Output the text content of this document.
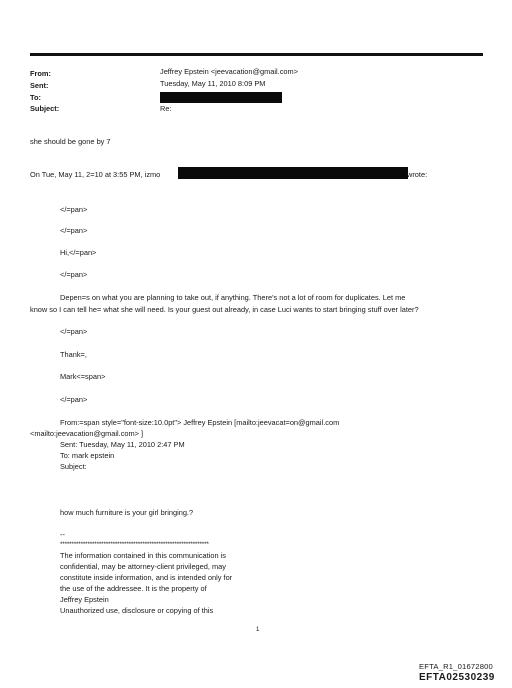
From:
Sent:
To:
Subject:
Jeffrey Epstein <jeevacation@gmail.com>
Tuesday, May 11, 2010 8:09 PM
Re:
she should be gone by 7
On Tue, May 11, 2=10 at 3:55 PM, izmo	wrote:
</=pan>
</=pan>
Hi,</=pan>
</=pan>
Depen=s on what you are planning to take out, if anything. There's not a lot of room for duplicates. Let me
know so I can tell he= what she will need. Is your guest out already, in case Luci wants to start bringing stuff over later?
</=pan>
Thank=,
Mark<=span>
</=pan>
From:=span style="font-size:10.0pt"> Jeffrey Epstein [mailto:jeevacat=on@gmail.com
<mailto:jeevacation@gmail.com> ]
Sent: Tuesday, May 11, 2010 2:47 PM
To: mark epstein
Subject:
how much furniture is your girl bringing.?
--
*****************************************************************
The information contained in this communication is
confidential, may be attorney-client privileged, may
constitute inside information, and is intended only for
the use of the addressee. It is the property of
Jeffrey Epstein
Unauthorized use, disclosure or copying of this
1
EFTA_R1_01672800
EFTA02530239
